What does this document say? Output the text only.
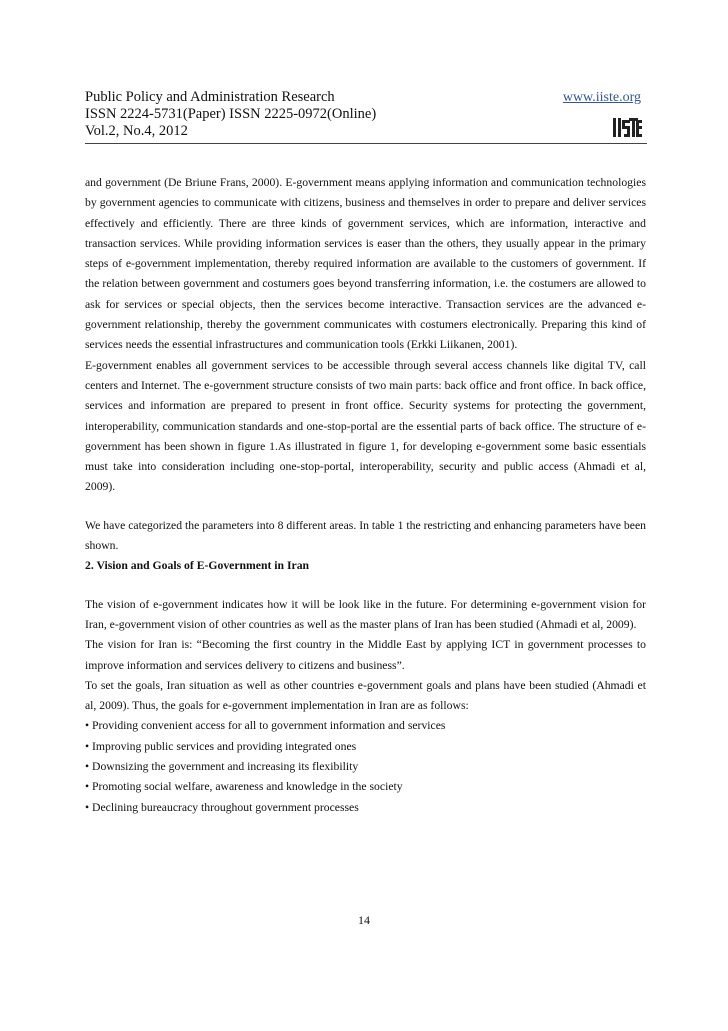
Public Policy and Administration Research
ISSN 2224-5731(Paper) ISSN 2225-0972(Online)
Vol.2, No.4, 2012
www.iiste.org

and government (De Briune Frans, 2000). E-government means applying information and communication technologies by government agencies to communicate with citizens, business and themselves in order to prepare and deliver services effectively and efficiently. There are three kinds of government services, which are information, interactive and transaction services. While providing information services is easer than the others, they usually appear in the primary steps of e-government implementation, thereby required information are available to the customers of government. If the relation between government and costumers goes beyond transferring information, i.e. the costumers are allowed to ask for services or special objects, then the services become interactive. Transaction services are the advanced e-government relationship, thereby the government communicates with costumers electronically. Preparing this kind of services needs the essential infrastructures and communication tools (Erkki Liikanen, 2001).

E-government enables all government services to be accessible through several access channels like digital TV, call centers and Internet. The e-government structure consists of two main parts: back office and front office. In back office, services and information are prepared to present in front office. Security systems for protecting the government, interoperability, communication standards and one-stop-portal are the essential parts of back office. The structure of e-government has been shown in figure 1.As illustrated in figure 1, for developing e-government some basic essentials must take into consideration including one-stop-portal, interoperability, security and public access (Ahmadi et al, 2009).

We have categorized the parameters into 8 different areas. In table 1 the restricting and enhancing parameters have been shown.

2. Vision and Goals of E-Government in Iran

The vision of e-government indicates how it will be look like in the future. For determining e-government vision for Iran, e-government vision of other countries as well as the master plans of Iran has been studied (Ahmadi et al, 2009).

The vision for Iran is: “Becoming the first country in the Middle East by applying ICT in government processes to improve information and services delivery to citizens and business”.

To set the goals, Iran situation as well as other countries e-government goals and plans have been studied (Ahmadi et al, 2009). Thus, the goals for e-government implementation in Iran are as follows:

• Providing convenient access for all to government information and services

• Improving public services and providing integrated ones

• Downsizing the government and increasing its flexibility

• Promoting social welfare, awareness and knowledge in the society

• Declining bureaucracy throughout government processes

14
